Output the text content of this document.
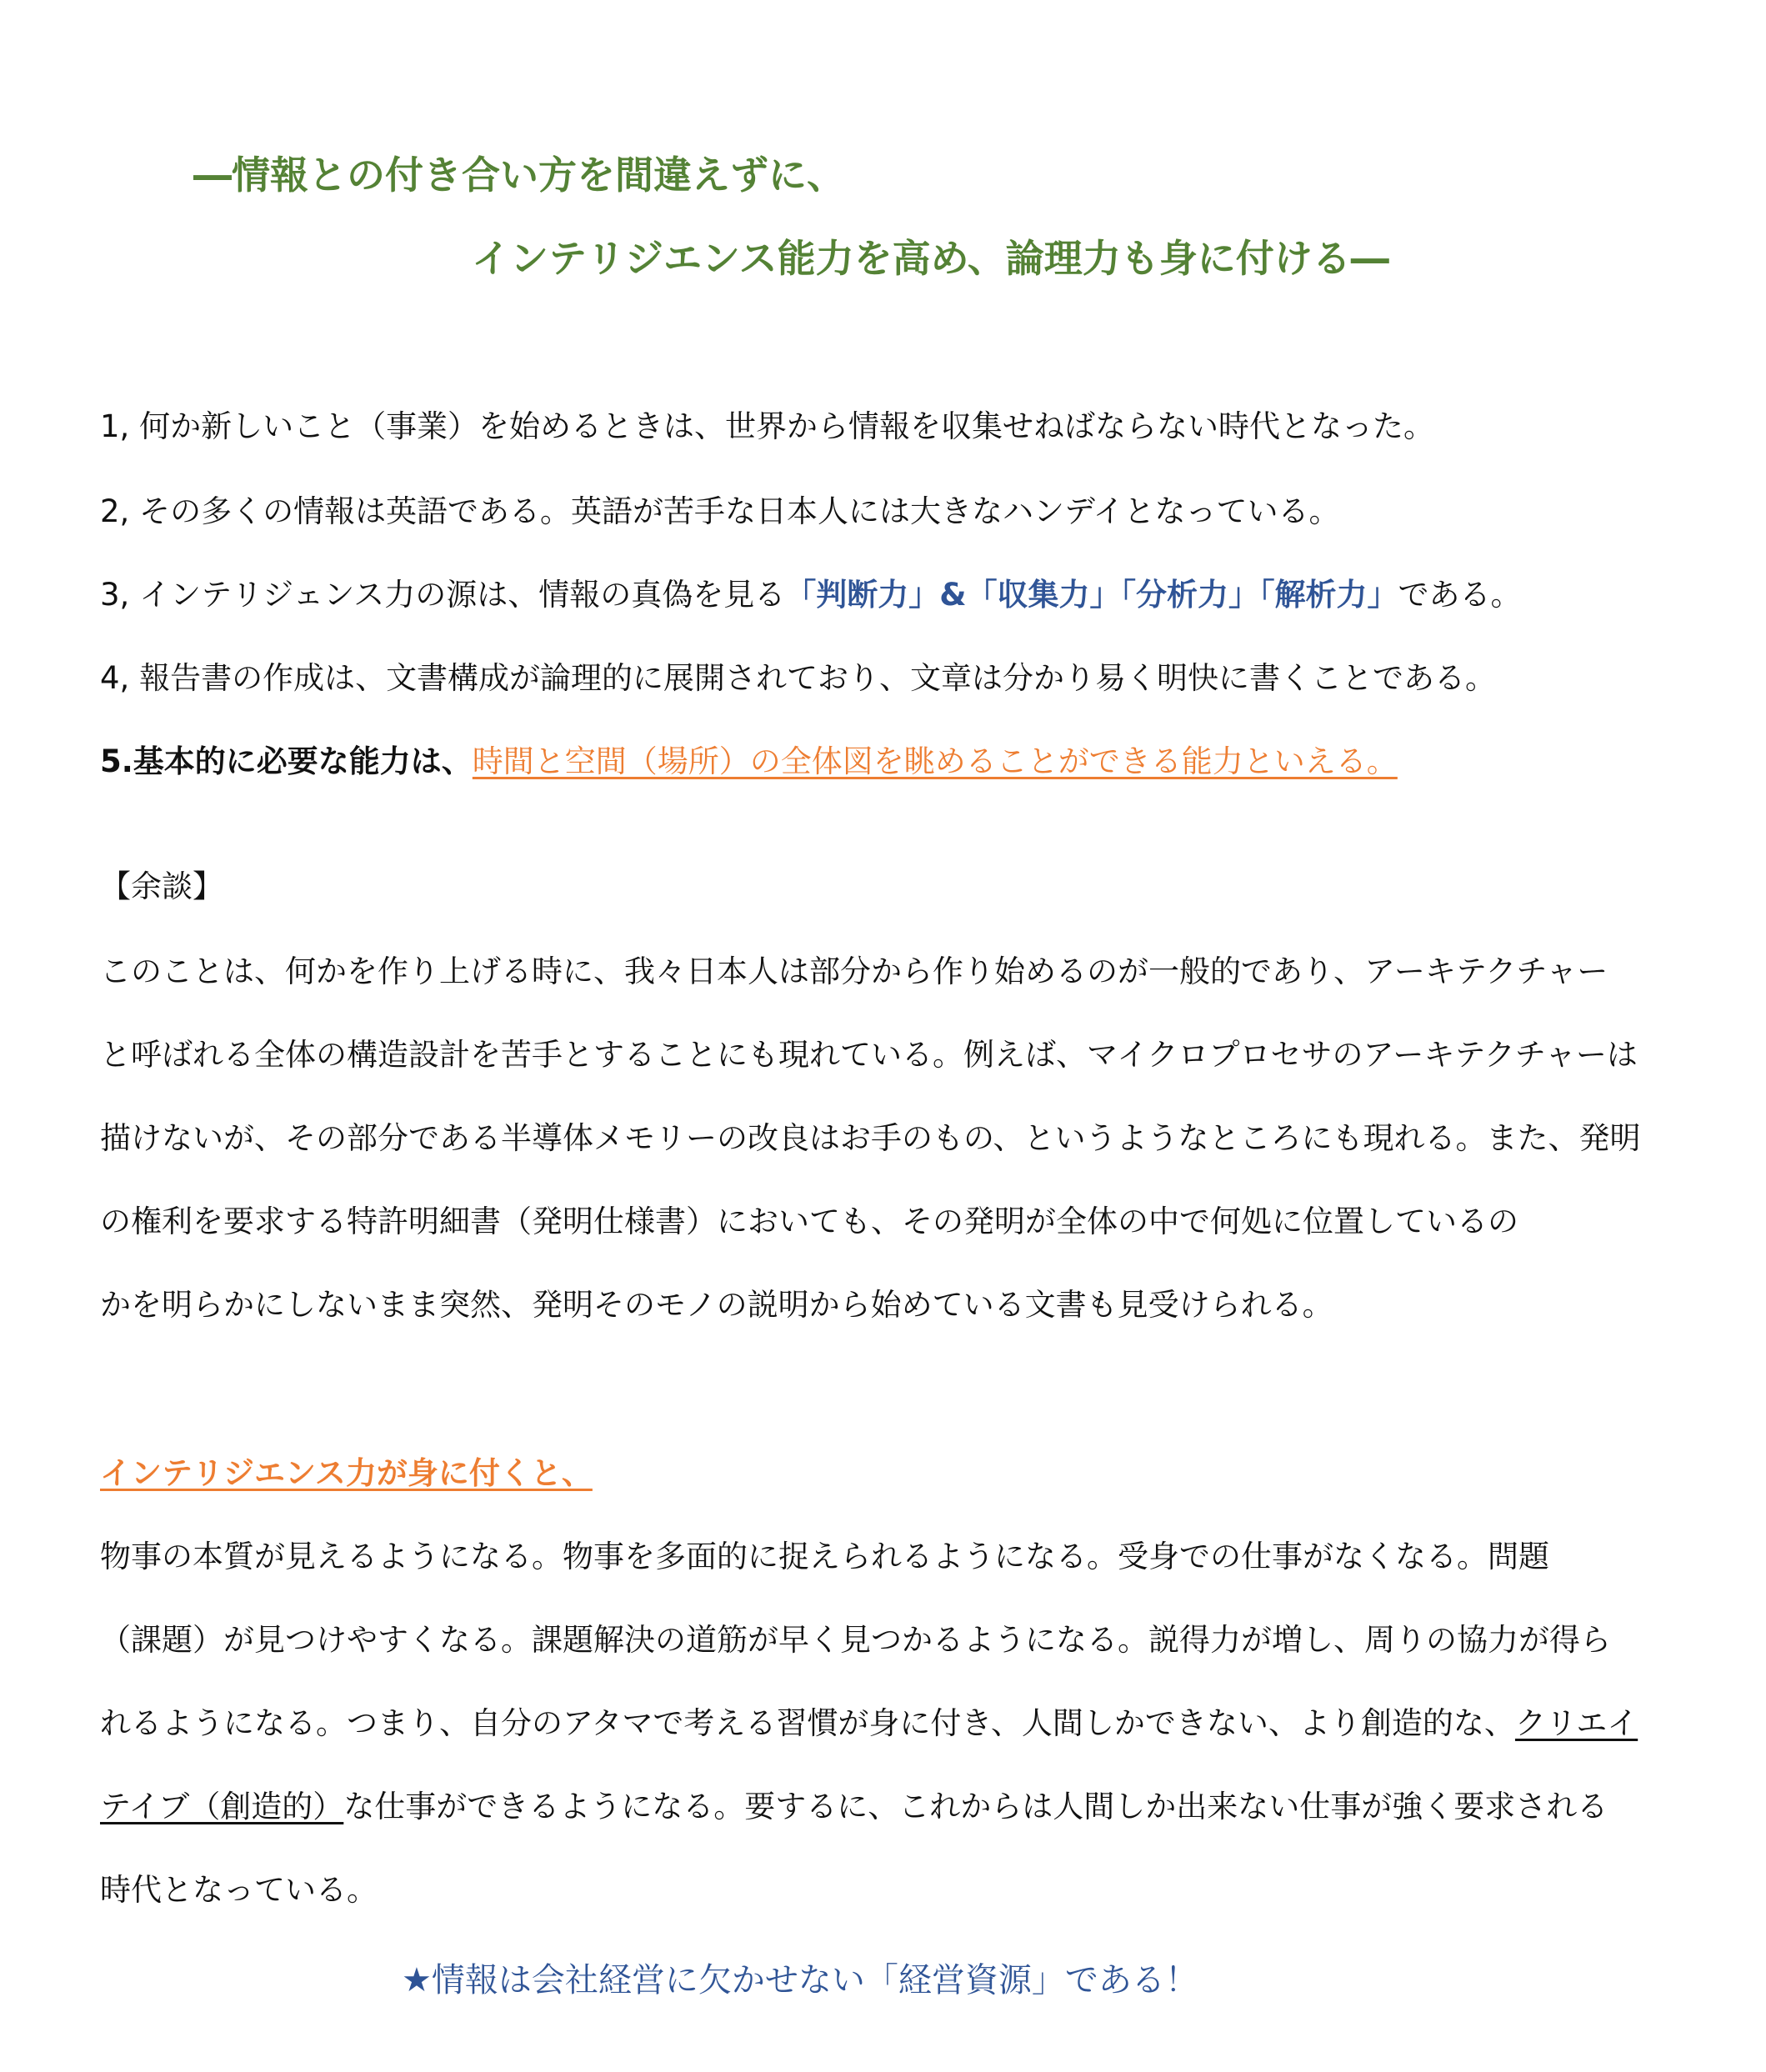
―情報との付き合い方を間違えずに、
インテリジエンス能力を高め、論理力も身に付ける―
1, 何か新しいこと（事業）を始めるときは、世界から情報を収集せねばならない時代となった。
2, その多くの情報は英語である。英語が苦手な日本人には大きなハンデイとなっている。
3, インテリジェンス力の源は、情報の真偽を見る「判断力」&「収集力」「分析力」「解析力」である。
4, 報告書の作成は、文書構成が論理的に展開されており、文章は分かり易く明快に書くことである。
5.基本的に必要な能力は、時間と空間（場所）の全体図を眺めることができる能力といえる。
【余談】
このことは、何かを作り上げる時に、我々日本人は部分から作り始めるのが一般的であり、アーキテクチャー
と呼ばれる全体の構造設計を苦手とすることにも現れている。例えば、マイクロプロセサのアーキテクチャーは
描けないが、その部分である半導体メモリーの改良はお手のもの、というようなところにも現れる。また、発明
の権利を要求する特許明細書（発明仕様書）においても、その発明が全体の中で何処に位置しているの
かを明らかにしないまま突然、発明そのモノの説明から始めている文書も見受けられる。
インテリジエンス力が身に付くと、
物事の本質が見えるようになる。物事を多面的に捉えられるようになる。受身での仕事がなくなる。問題
（課題）が見つけやすくなる。課題解決の道筋が早く見つかるようになる。説得力が増し、周りの協力が得ら
れるようになる。つまり、自分のアタマで考える習慣が身に付き、人間しかできない、より創造的な、クリエイ
テイブ（創造的）な仕事ができるようになる。要するに、これからは人間しか出来ない仕事が強く要求される
時代となっている。
★情報は会社経営に欠かせない「経営資源」である！
